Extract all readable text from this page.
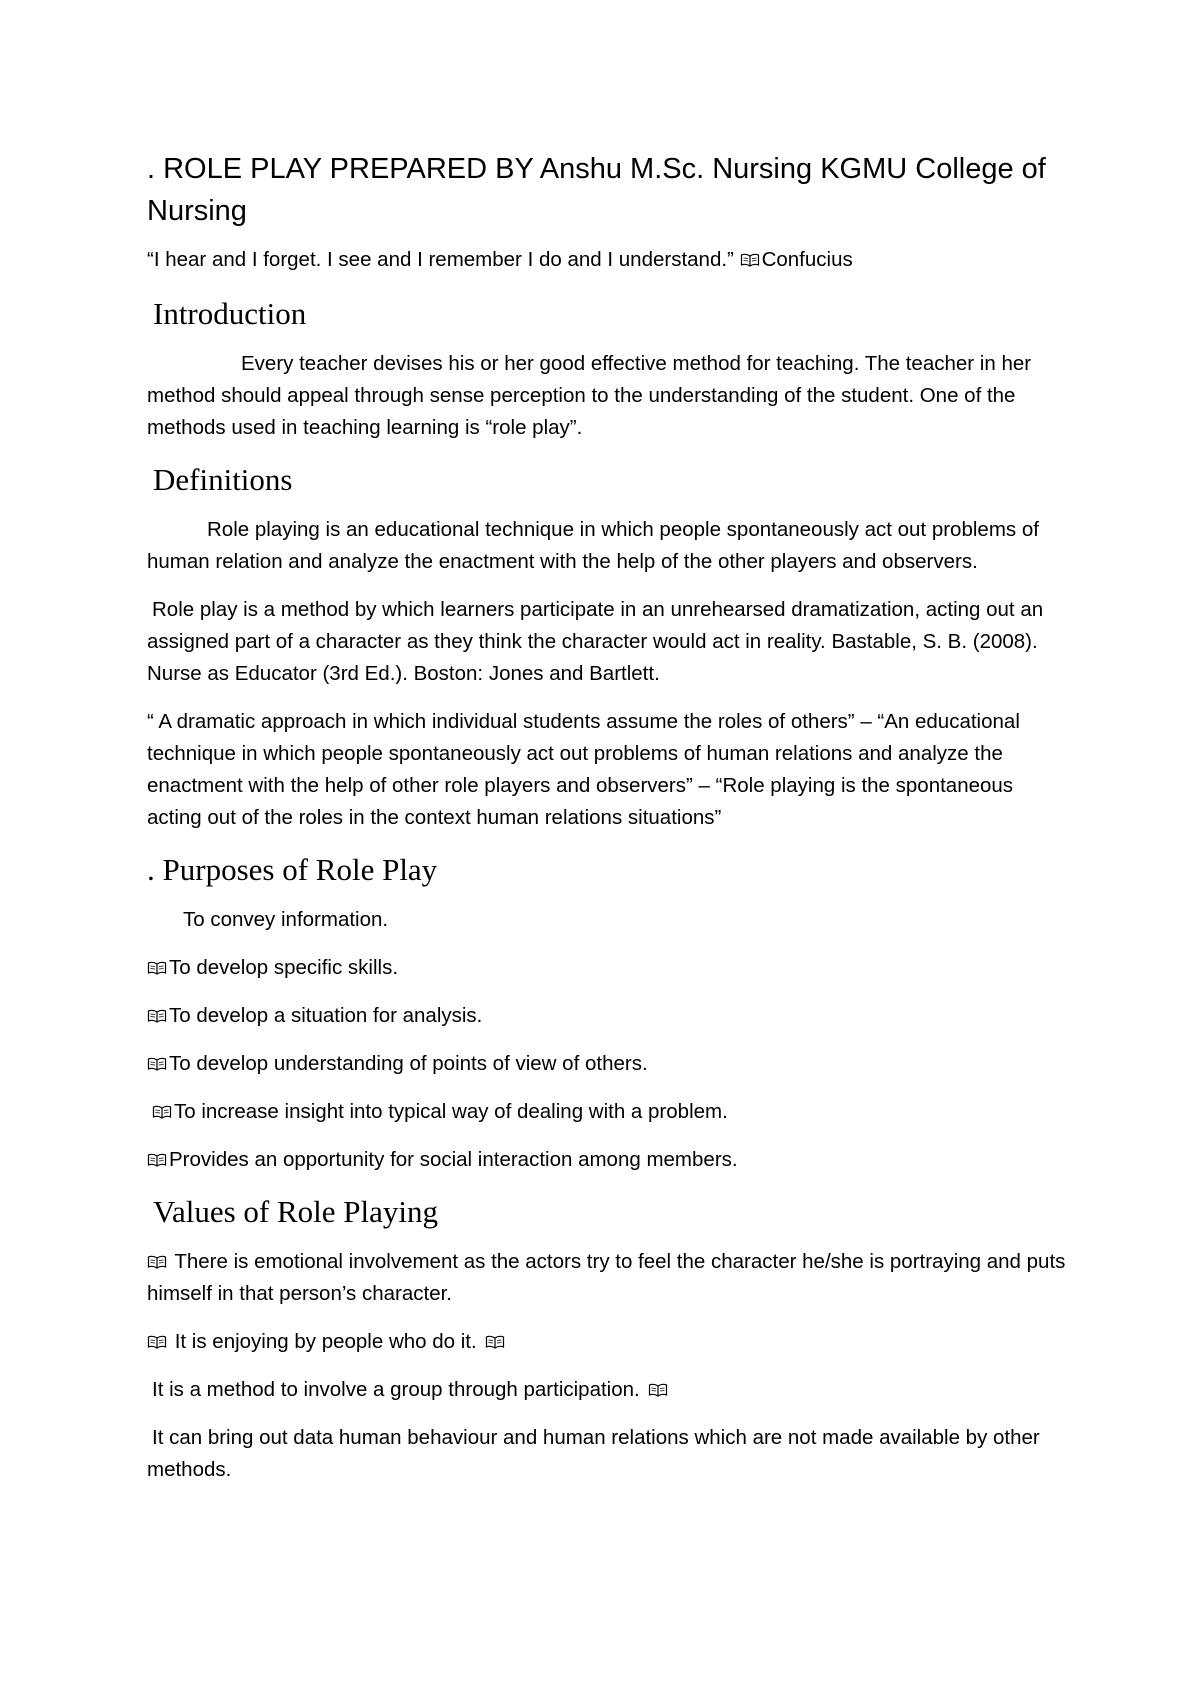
. ROLE PLAY PREPARED BY Anshu M.Sc. Nursing KGMU College of Nursing

“I hear and I forget. I see and I remember I do and I understand.” Confucius

Introduction

Every teacher devises his or her good effective method for teaching. The teacher in her method should appeal through sense perception to the understanding of the student. One of the methods used in teaching learning is “role play”.

Definitions

Role playing is an educational technique in which people spontaneously act out problems of human relation and analyze the enactment with the help of the other players and observers.

Role play is a method by which learners participate in an unrehearsed dramatization, acting out an assigned part of a character as they think the character would act in reality. Bastable, S. B. (2008). Nurse as Educator (3rd Ed.). Boston: Jones and Bartlett.

“ A dramatic approach in which individual students assume the roles of others” – “An educational technique in which people spontaneously act out problems of human relations and analyze the enactment with the help of other role players and observers” – “Role playing is the spontaneous acting out of the roles in the context human relations situations”

. Purposes of Role Play

To convey information.

To develop specific skills.

To develop a situation for analysis.

To develop understanding of points of view of others.

To increase insight into typical way of dealing with a problem.

Provides an opportunity for social interaction among members.

Values of Role Playing

There is emotional involvement as the actors try to feel the character he/she is portraying and puts himself in that person’s character.

It is enjoying by people who do it.

It is a method to involve a group through participation.

It can bring out data human behaviour and human relations which are not made available by other methods.
